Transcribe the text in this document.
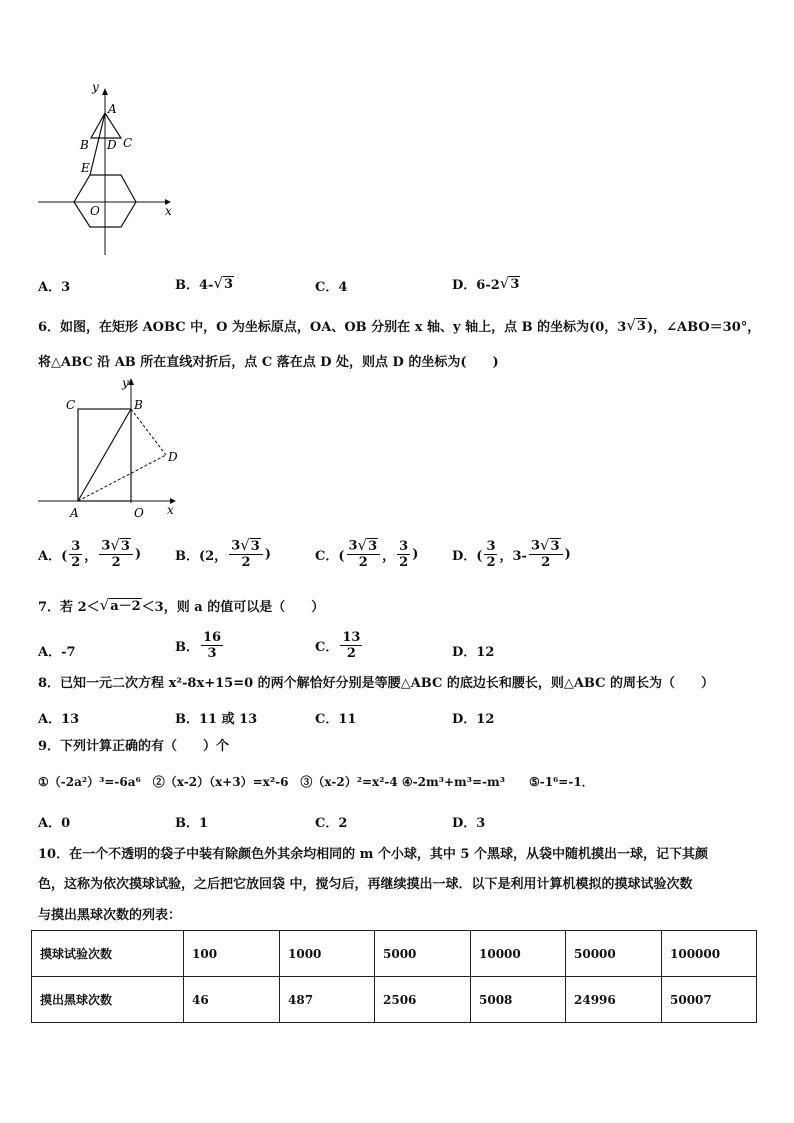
y
x
O
A
B D C
E
A．3	B．4- √ 3	C．4	D．6-2 √ 3
6．如图，在矩形 AOBC 中，O 为坐标原点，OA、OB 分别在 x 轴、y 轴上，点 B 的坐标为(0，3 √ 3 )，∠ABO＝30°，
将△ABC 沿 AB 所在直线对折后，点 C 落在点 D 处，则点 D 的坐标为(　　)
y
x
C	B
D
A	O
A．( $\frac{3}{2}$ ， $\frac{3 √ 3}{2}$ )	B．(2， $\frac{3 √ 3}{2}$ )	C．( $\frac{3 √ 3}{2}$ ， $\frac{3}{2}$ )	D．( $\frac{3}{2}$ ，$3- \frac{3 √ 3}{2}$ )
7．若 2＜ √ a－2 ＜3，则 a 的值可以是（　　）
A．-7	B． $\frac{16}{3}$	C． $\frac{13}{2}$	D．12
8．已知一元二次方程 x²-8x+15=0 的两个解恰好分别是等腰△ABC 的底边长和腰长，则△ABC 的周长为（　　）
A．13	B．11 或 13	C．11	D．12
9．下列计算正确的有（　　）个
①（-2a²）³=-6a⁶　②（x-2）（x+3）=x²-6　③（x-2）²=x²-4 ④-2m³+m³=-m³　　⑤-1⁶=-1．
A．0	B．1	C．2	D．3
10．在一个不透明的袋子中装有除颜色外其余均相同的 m 个小球，其中 5 个黑球，从袋中随机摸出一球，记下其颜
色，这称为依次摸球试验，之后把它放回袋 中，搅匀后，再继续摸出一球．以下是利用计算机模拟的摸球试验次数
与摸出黑球次数的列表：
摸球试验次数	100	1000	5000	10000	50000	100000
摸出黑球次数	46	487	2506	5008	24996	50007
